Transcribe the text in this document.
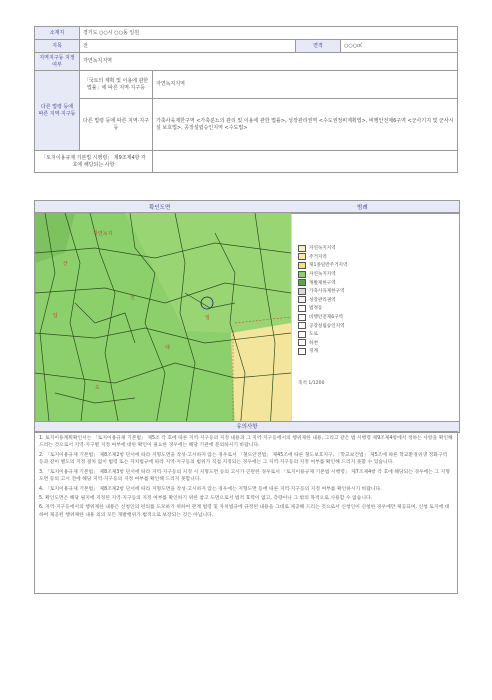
소재지	경기도 ○○시 ○○동 일원			
지목	전		면적	○○○㎡
지역지구등 지정여부	자연녹지지역			
다른 법령 등에 따른 지역·지구등	「국토의 계획 및 이용에 관한 법률」에 따른 지역·지구등	자연녹지지역		
	다른 법령 등에 따른 지역·지구등	가축사육제한구역 <가축분뇨의 관리 및 이용에 관한 법률>, 성장관리권역 <수도권정비계획법>, 비행안전제6구역 <군사기지 및 군사시설 보호법>, 공장설립승인지역 <수도법>		
「토지이용규제 기본법 시행령」 제9조제4항 각 호에 해당되는 사항				
확인도면	범례
자연녹지
산
전
답
대
임
도
자연녹지지역
주거지역
제1종일반주거지역
자연녹지지역
개발제한구역
가축사육제한구역
성장관리권역
법정동
비행안전제6구역
공장설립승인지역
도로
하천
경계
축척 1/1200
유의사항

1. 토지이용계획확인서는 「토지이용규제 기본법」 제5조 각 호에 따른 지역·지구등의 지정 내용과 그 지역·지구등에서의 행위제한 내용, 그리고 같은 법 시행령 제9조제4항에서 정하는 사항을 확인해 드리는 것으로서 지역·지구별 지정 여부에 대한 확인이 필요한 경우에는 해당 기관에 문의하시기 바랍니다.

2. 「토지이용규제 기본법」 제8조제2항 단서에 따라 지형도면을 작성·고시하지 않는 경우로서 「철도안전법」 제45조에 따른 철도보호지구, 「학교보건법」 제5조에 따른 학교환경위생 정화구역 등과 같이 별도의 지정 절차 없이 법령 또는 자치법규에 따라 지역·지구등의 범위가 직접 지정되는 경우에는 그 지역·지구등의 지정 여부를 확인해 드리지 못할 수 있습니다.

3. 「토지이용규제 기본법」 제8조제3항 단서에 따라 지역·지구등의 지정 시 지형도면 등의 고시가 곤란한 경우로서 「토지이용규제 기본법 시행령」 제7조제4항 각 호에 해당되는 경우에는 그 지형도면 등의 고시 전에 해당 지역·지구등의 지정 여부를 확인해 드리지 못합니다.

4. 「토지이용규제 기본법」 제8조제2항 단서에 따라 지형도면을 작성·고시하지 않는 경우에는 지형도면 등에 따른 지역·지구등의 지정 여부를 확인하시기 바랍니다.

5. 확인도면은 해당 필지에 지정된 지역·지구등의 지정 여부를 확인하기 위한 참고 도면으로서 법적 효력이 없고, 측량이나 그 밖의 목적으로 사용할 수 없습니다.

6. 지역·지구등에서의 행위제한 내용은 신청인의 편의를 도모하기 위하여 관계 법령 및 자치법규에 규정된 내용을 그대로 제공해 드리는 것으로서 신청인이 신청한 경우에만 제공되며, 신청 토지에 대하여 제공된 행위제한 내용 외의 모든 개발행위가 법적으로 보장되는 것은 아닙니다.
